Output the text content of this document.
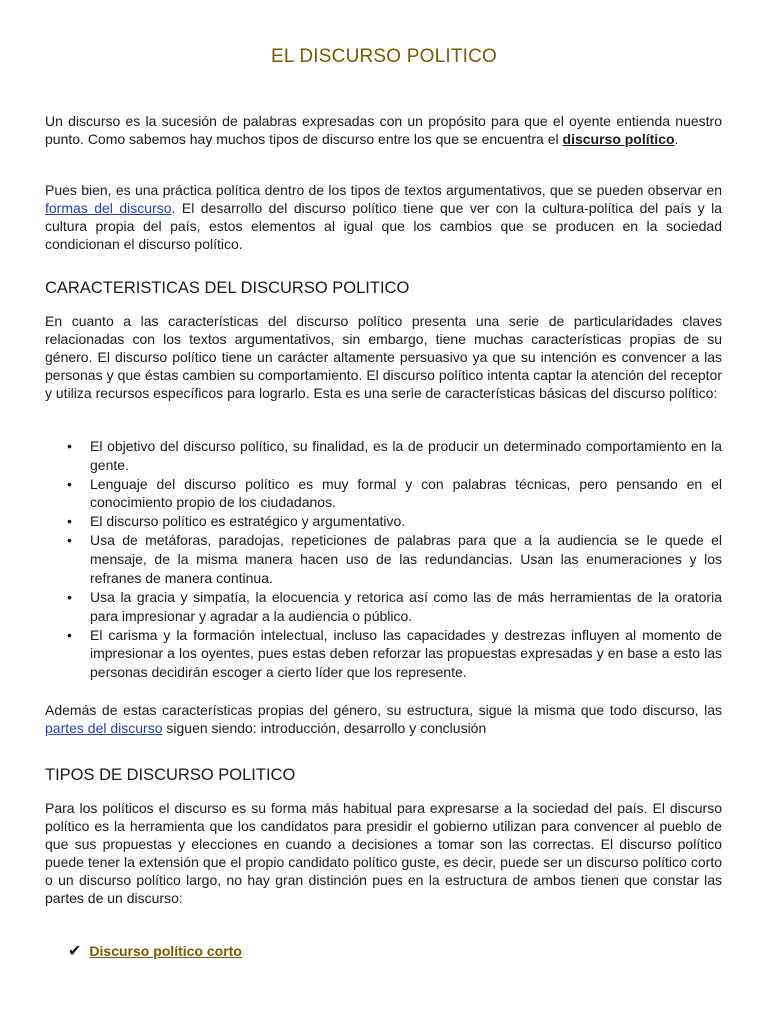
EL DISCURSO POLITICO

Un discurso es la sucesión de palabras expresadas con un propósito para que el oyente entienda nuestro punto. Como sabemos hay muchos tipos de discurso entre los que se encuentra el discurso político.

Pues bien, es una práctica política dentro de los tipos de textos argumentativos, que se pueden observar en formas del discurso. El desarrollo del discurso político tiene que ver con la cultura-política del país y la cultura propia del país, estos elementos al igual que los cambios que se producen en la sociedad condicionan el discurso político.

CARACTERISTICAS DEL DISCURSO POLITICO

En cuanto a las características del discurso político presenta una serie de particularidades claves relacionadas con los textos argumentativos, sin embargo, tiene muchas características propias de su género. El discurso político tiene un carácter altamente persuasivo ya que su intención es convencer a las personas y que éstas cambien su comportamiento. El discurso político intenta captar la atención del receptor y utiliza recursos específicos para lograrlo. Esta es una serie de características básicas del discurso político:

• El objetivo del discurso político, su finalidad, es la de producir un determinado comportamiento en la gente.
• Lenguaje del discurso político es muy formal y con palabras técnicas, pero pensando en el conocimiento propio de los ciudadanos.
• El discurso político es estratégico y argumentativo.
• Usa de metáforas, paradojas, repeticiones de palabras para que a la audiencia se le quede el mensaje, de la misma manera hacen uso de las redundancias. Usan las enumeraciones y los refranes de manera continua.
• Usa la gracia y simpatía, la elocuencia y retorica así como las de más herramientas de la oratoria para impresionar y agradar a la audiencia o público.
• El carisma y la formación intelectual, incluso las capacidades y destrezas influyen al momento de impresionar a los oyentes, pues estas deben reforzar las propuestas expresadas y en base a esto las personas decidirán escoger a cierto líder que los represente.

Además de estas características propias del género, su estructura, sigue la misma que todo discurso, las partes del discurso siguen siendo: introducción, desarrollo y conclusión

TIPOS DE DISCURSO POLITICO

Para los políticos el discurso es su forma más habitual para expresarse a la sociedad del país. El discurso político es la herramienta que los candidatos para presidir el gobierno utilizan para convencer al pueblo de que sus propuestas y elecciones en cuando a decisiones a tomar son las correctas. El discurso político puede tener la extensión que el propio candidato político guste, es decir, puede ser un discurso político corto o un discurso político largo, no hay gran distinción pues en la estructura de ambos tienen que constar las partes de un discurso:

✔ Discurso político corto
